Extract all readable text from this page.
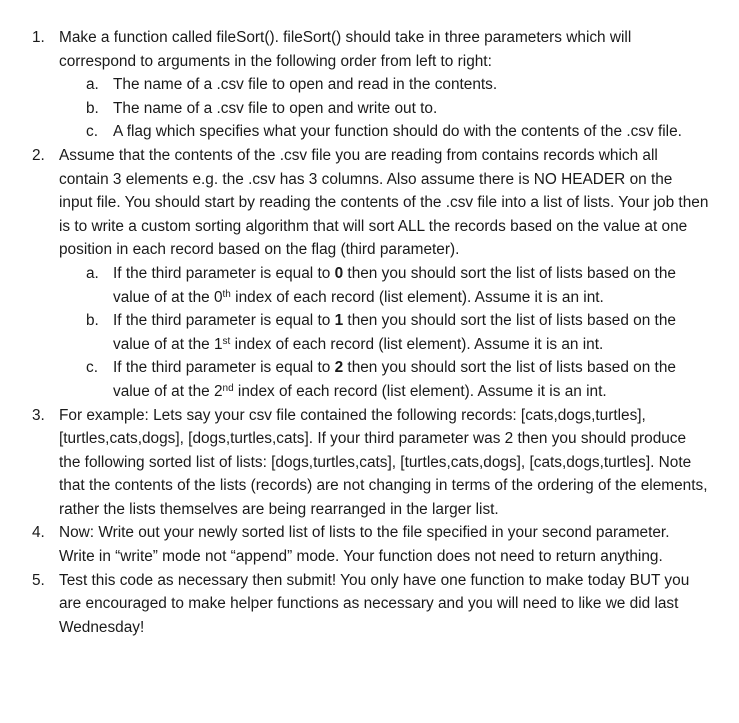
1. Make a function called fileSort(). fileSort() should take in three parameters which will correspond to arguments in the following order from left to right:
a. The name of a .csv file to open and read in the contents.
b. The name of a .csv file to open and write out to.
c. A flag which specifies what your function should do with the contents of the .csv file.
2. Assume that the contents of the .csv file you are reading from contains records which all contain 3 elements e.g. the .csv has 3 columns. Also assume there is NO HEADER on the input file. You should start by reading the contents of the .csv file into a list of lists. Your job then is to write a custom sorting algorithm that will sort ALL the records based on the value at one position in each record based on the flag (third parameter).
a. If the third parameter is equal to 0 then you should sort the list of lists based on the value of at the 0th index of each record (list element). Assume it is an int.
b. If the third parameter is equal to 1 then you should sort the list of lists based on the value of at the 1st index of each record (list element). Assume it is an int.
c. If the third parameter is equal to 2 then you should sort the list of lists based on the value of at the 2nd index of each record (list element). Assume it is an int.
3. For example: Lets say your csv file contained the following records: [cats,dogs,turtles], [turtles,cats,dogs], [dogs,turtles,cats]. If your third parameter was 2 then you should produce the following sorted list of lists: [dogs,turtles,cats], [turtles,cats,dogs], [cats,dogs,turtles]. Note that the contents of the lists (records) are not changing in terms of the ordering of the elements, rather the lists themselves are being rearranged in the larger list.
4. Now: Write out your newly sorted list of lists to the file specified in your second parameter. Write in “write” mode not “append” mode. Your function does not need to return anything.
5. Test this code as necessary then submit! You only have one function to make today BUT you are encouraged to make helper functions as necessary and you will need to like we did last Wednesday!
